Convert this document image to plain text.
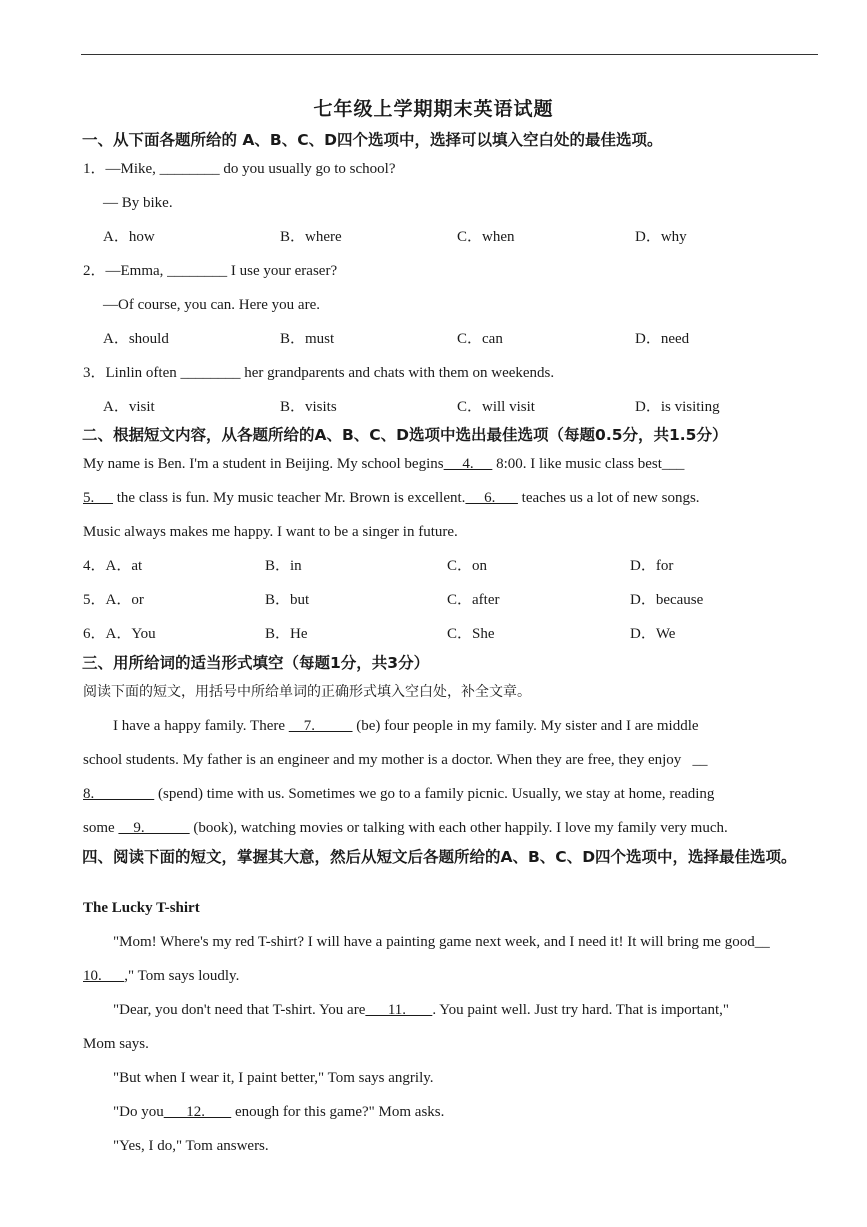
七年级上学期期末英语试题
一、从下面各题所给的 A、B、C、D四个选项中，选择可以填入空白处的最佳选项。
1．—Mike, ________ do you usually go to school?
— By bike.
A．how	B．where	C．when	D．why
2．—Emma, ________ I use your eraser?
—Of course, you can. Here you are.
A．should	B．must	C．can	D．need
3．Linlin often ________ her grandparents and chats with them on weekends.
A．visit	B．visits	C．will visit	D．is visiting
二、根据短文内容，从各题所给的A、B、C、D选项中选出最佳选项（每题0.5分，共1.5分）
My name is Ben. I'm a student in Beijing. My school begins     4.      8:00. I like music class best___
5.      the class is fun. My music teacher Mr. Brown is excellent.     6.       teaches us a lot of new songs.
Music always makes me happy. I want to be a singer in future.
4．A．at	B．in	C．on	D．for
5．A．or	B．but	C．after	D．because
6．A．You	B．He	C．She	D．We
三、用所给词的适当形式填空（每题1分，共3分）
阅读下面的短文，用括号中所给单词的正确形式填入空白处，补全文章。
I have a happy family. There     7.           (be) four people in my family. My sister and I are middle
school students. My father is an engineer and my mother is a doctor. When they are free, they enjoy   __
8.                 (spend) time with us. Sometimes we go to a family picnic. Usually, we stay at home, reading
some     9.             (book), watching movies or talking with each other happily. I love my family very much.
四、阅读下面的短文，掌握其大意，然后从短文后各题所给的A、B、C、D四个选项中，选择最佳选项。
The Lucky T-shirt
"Mom! Where's my red T-shirt? I will have a painting game next week, and I need it! It will bring me good__
10.      ," Tom says loudly.
"Dear, you don't need that T-shirt. You are      11.       . You paint well. Just try hard. That is important,"
Mom says.
"But when I wear it, I paint better," Tom says angrily.
"Do you      12.        enough for this game?" Mom asks.
"Yes, I do," Tom answers.
